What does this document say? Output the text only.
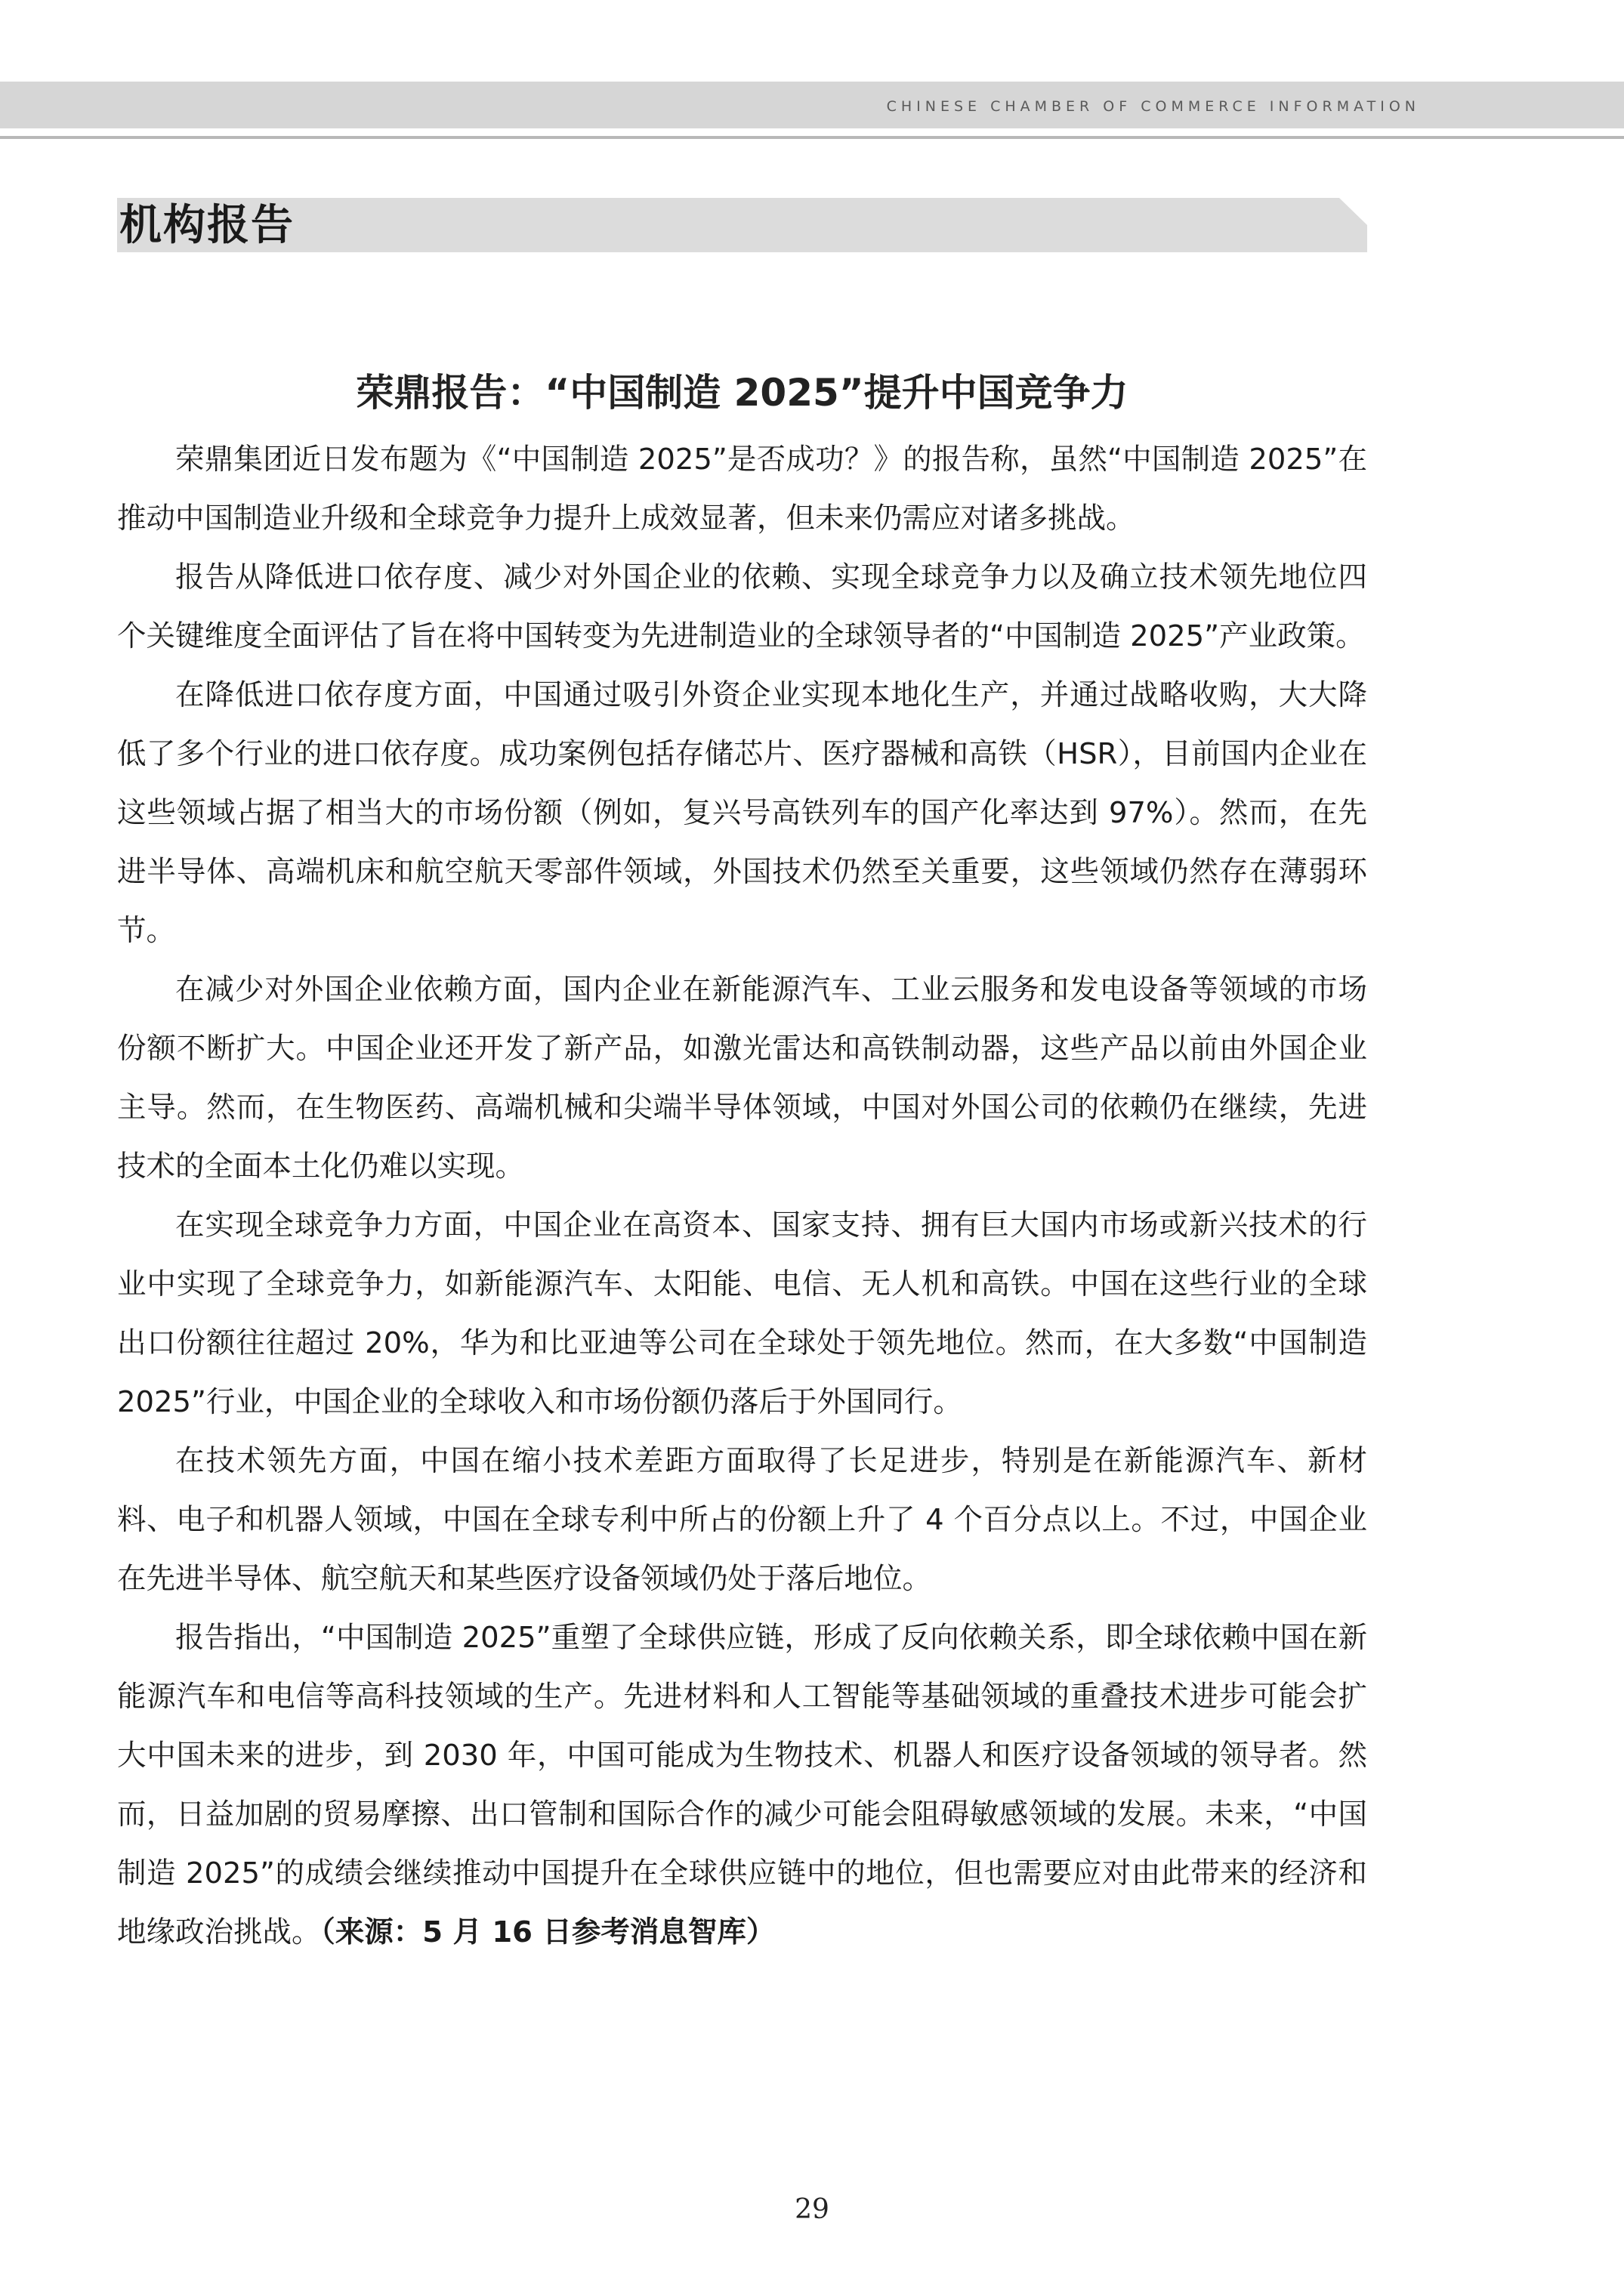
CHINESE CHAMBER OF COMMERCE INFORMATION
机构报告
荣鼎报告：“中国制造 2025”提升中国竞争力

荣鼎集团近日发布题为《“中国制造 2025”是否成功？》的报告称，虽然“中国制造 2025”在推动中国制造业升级和全球竞争力提升上成效显著，但未来仍需应对诸多挑战。

报告从降低进口依存度、减少对外国企业的依赖、实现全球竞争力以及确立技术领先地位四个关键维度全面评估了旨在将中国转变为先进制造业的全球领导者的“中国制造 2025”产业政策。

在降低进口依存度方面，中国通过吸引外资企业实现本地化生产，并通过战略收购，大大降低了多个行业的进口依存度。成功案例包括存储芯片、医疗器械和高铁（HSR），目前国内企业在这些领域占据了相当大的市场份额（例如，复兴号高铁列车的国产化率达到 97%）。然而，在先进半导体、高端机床和航空航天零部件领域，外国技术仍然至关重要，这些领域仍然存在薄弱环节。

在减少对外国企业依赖方面，国内企业在新能源汽车、工业云服务和发电设备等领域的市场份额不断扩大。中国企业还开发了新产品，如激光雷达和高铁制动器，这些产品以前由外国企业主导。然而，在生物医药、高端机械和尖端半导体领域，中国对外国公司的依赖仍在继续，先进技术的全面本土化仍难以实现。

在实现全球竞争力方面，中国企业在高资本、国家支持、拥有巨大国内市场或新兴技术的行业中实现了全球竞争力，如新能源汽车、太阳能、电信、无人机和高铁。中国在这些行业的全球出口份额往往超过 20%，华为和比亚迪等公司在全球处于领先地位。然而，在大多数“中国制造 2025”行业，中国企业的全球收入和市场份额仍落后于外国同行。

在技术领先方面，中国在缩小技术差距方面取得了长足进步，特别是在新能源汽车、新材料、电子和机器人领域，中国在全球专利中所占的份额上升了 4 个百分点以上。不过，中国企业在先进半导体、航空航天和某些医疗设备领域仍处于落后地位。

报告指出，“中国制造 2025”重塑了全球供应链，形成了反向依赖关系，即全球依赖中国在新能源汽车和电信等高科技领域的生产。先进材料和人工智能等基础领域的重叠技术进步可能会扩大中国未来的进步，到 2030 年，中国可能成为生物技术、机器人和医疗设备领域的领导者。然而，日益加剧的贸易摩擦、出口管制和国际合作的减少可能会阻碍敏感领域的发展。未来，“中国制造 2025”的成绩会继续推动中国提升在全球供应链中的地位，但也需要应对由此带来的经济和地缘政治挑战。（来源：5 月 16 日参考消息智库）

29
